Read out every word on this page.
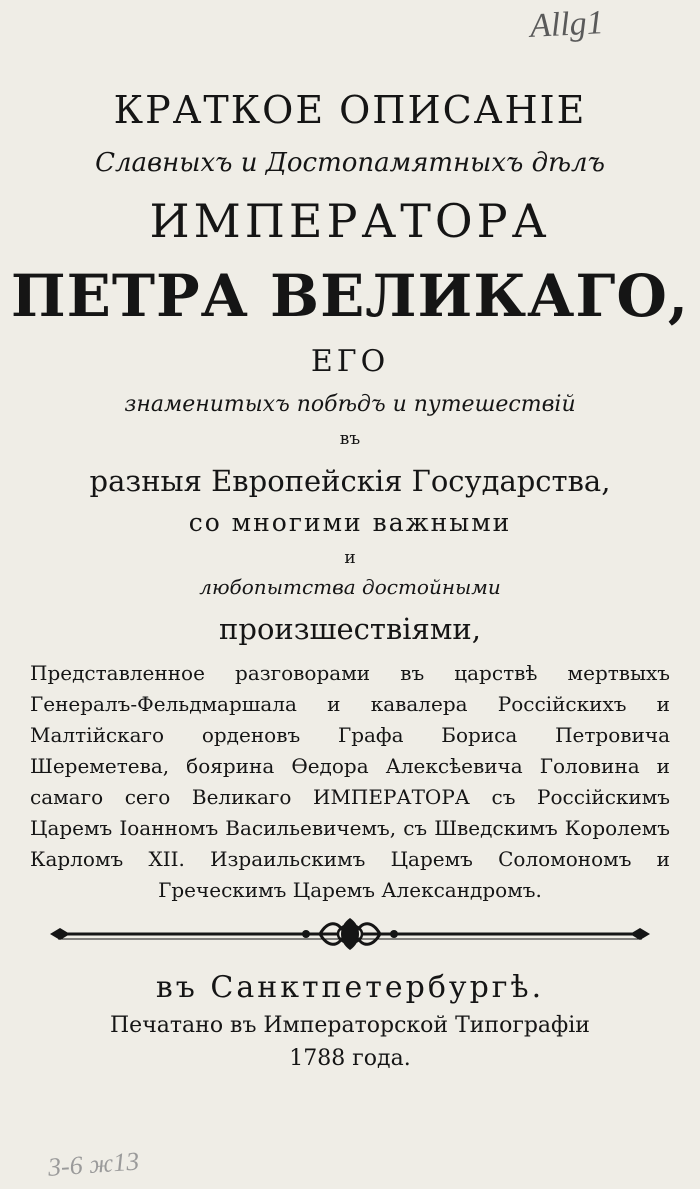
Allg1
КРАТКОЕ ОПИСАНІЕ
Славныхъ и Достопамятныхъ дѣлъ
ИМПЕРАТОРА
ПЕТРА ВЕЛИКАГО,
ЕГО
знаменитыхъ побѣдъ и путешествій
въ
разныя Европейскія Государства,
со многими важными
и
любопытства достойными
произшествіями,
Представленное разговорами въ царствѣ мертвыхъ Генералъ-Фельдмаршала и кавалера Россійскихъ и Малтійскаго орденовъ Графа Бориса Петровича Шереметева, боярина Ѳедора Алексѣевича Головина и самаго сего Великаго ИМПЕРАТОРА съ Россійскимъ Царемъ Іоанномъ Васильевичемъ, съ Шведскимъ Королемъ Карломъ XII. Израильскимъ Царемъ Соломономъ и Греческимъ Царемъ Александромъ.
въ Санктпетербургѣ.
Печатано въ Императорской Типографіи
1788 года.
3-6 ж13
